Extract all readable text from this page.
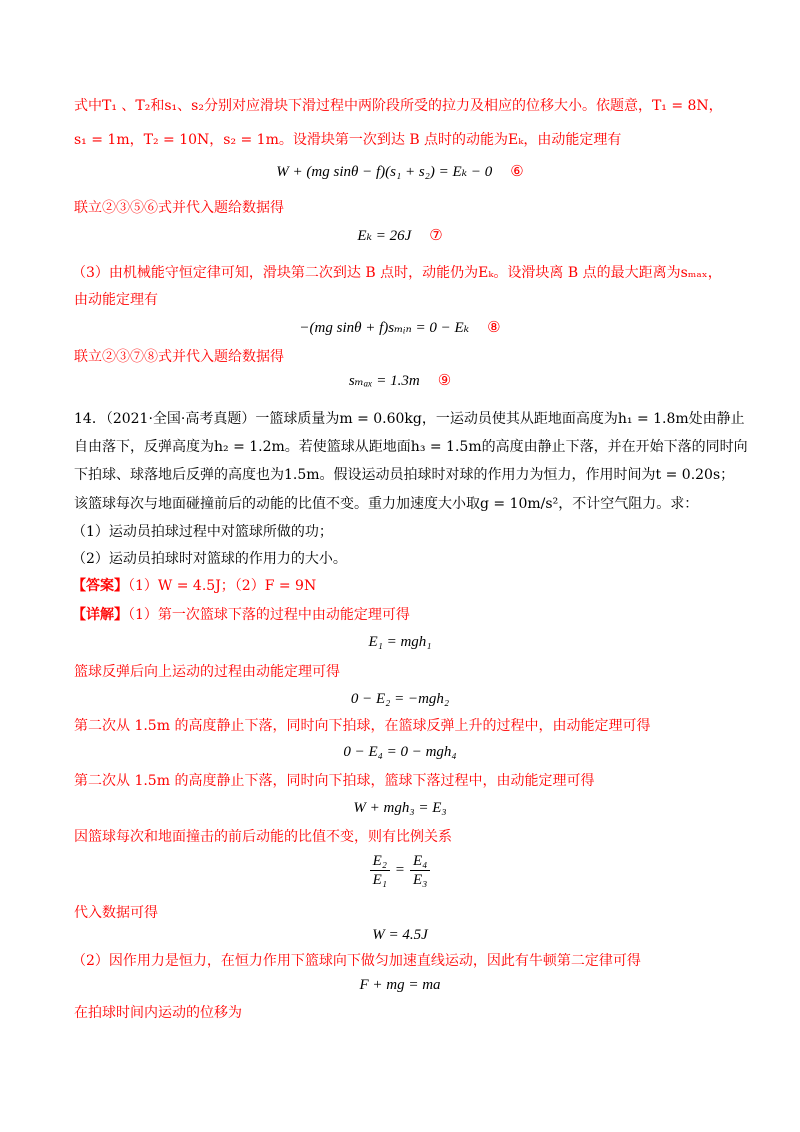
式中T₁ 、T₂和s₁、s₂分别对应滑块下滑过程中两阶段所受的拉力及相应的位移大小。依题意，T₁ = 8N，
s₁ = 1m，T₂ = 10N，s₂ = 1m。设滑块第一次到达 B 点时的动能为Eₖ，由动能定理有
W + (mg sinθ − f)(s₁ + s₂) = Eₖ − 0 ⑥
联立②③⑤⑥式并代入题给数据得
Eₖ = 26J ⑦
（3）由机械能守恒定律可知，滑块第二次到达 B 点时，动能仍为Eₖ。设滑块离 B 点的最大距离为sₘₐₓ，
由动能定理有
−(mg sinθ + f)sₘᵢₙ = 0 − Eₖ ⑧
联立②③⑦⑧式并代入题给数据得
sₘₐₓ = 1.3m ⑨
14．（2021·全国·高考真题）一篮球质量为m = 0.60kg，一运动员使其从距地面高度为h₁ = 1.8m处由静止
自由落下，反弹高度为h₂ = 1.2m。若使篮球从距地面h₃ = 1.5m的高度由静止下落，并在开始下落的同时向
下拍球、球落地后反弹的高度也为1.5m。假设运动员拍球时对球的作用力为恒力，作用时间为t = 0.20s；
该篮球每次与地面碰撞前后的动能的比值不变。重力加速度大小取g = 10m/s²，不计空气阻力。求：
（1）运动员拍球过程中对篮球所做的功；
（2）运动员拍球时对篮球的作用力的大小。
【答案】（1）W = 4.5J；（2）F = 9N
【详解】（1）第一次篮球下落的过程中由动能定理可得
E₁ = mgh₁
篮球反弹后向上运动的过程由动能定理可得
0 − E₂ = −mgh₂
第二次从 1.5m 的高度静止下落，同时向下拍球，在篮球反弹上升的过程中，由动能定理可得
0 − E₄ = 0 − mgh₄
第二次从 1.5m 的高度静止下落，同时向下拍球，篮球下落过程中，由动能定理可得
W + mgh₃ = E₃
因篮球每次和地面撞击的前后动能的比值不变，则有比例关系
$\frac{\text{E₂}}{\text{E₁}} = \frac{\text{E₄}}{\text{E₃}}$
代入数据可得
W = 4.5J
（2）因作用力是恒力，在恒力作用下篮球向下做匀加速直线运动，因此有牛顿第二定律可得
F + mg = ma
在拍球时间内运动的位移为
